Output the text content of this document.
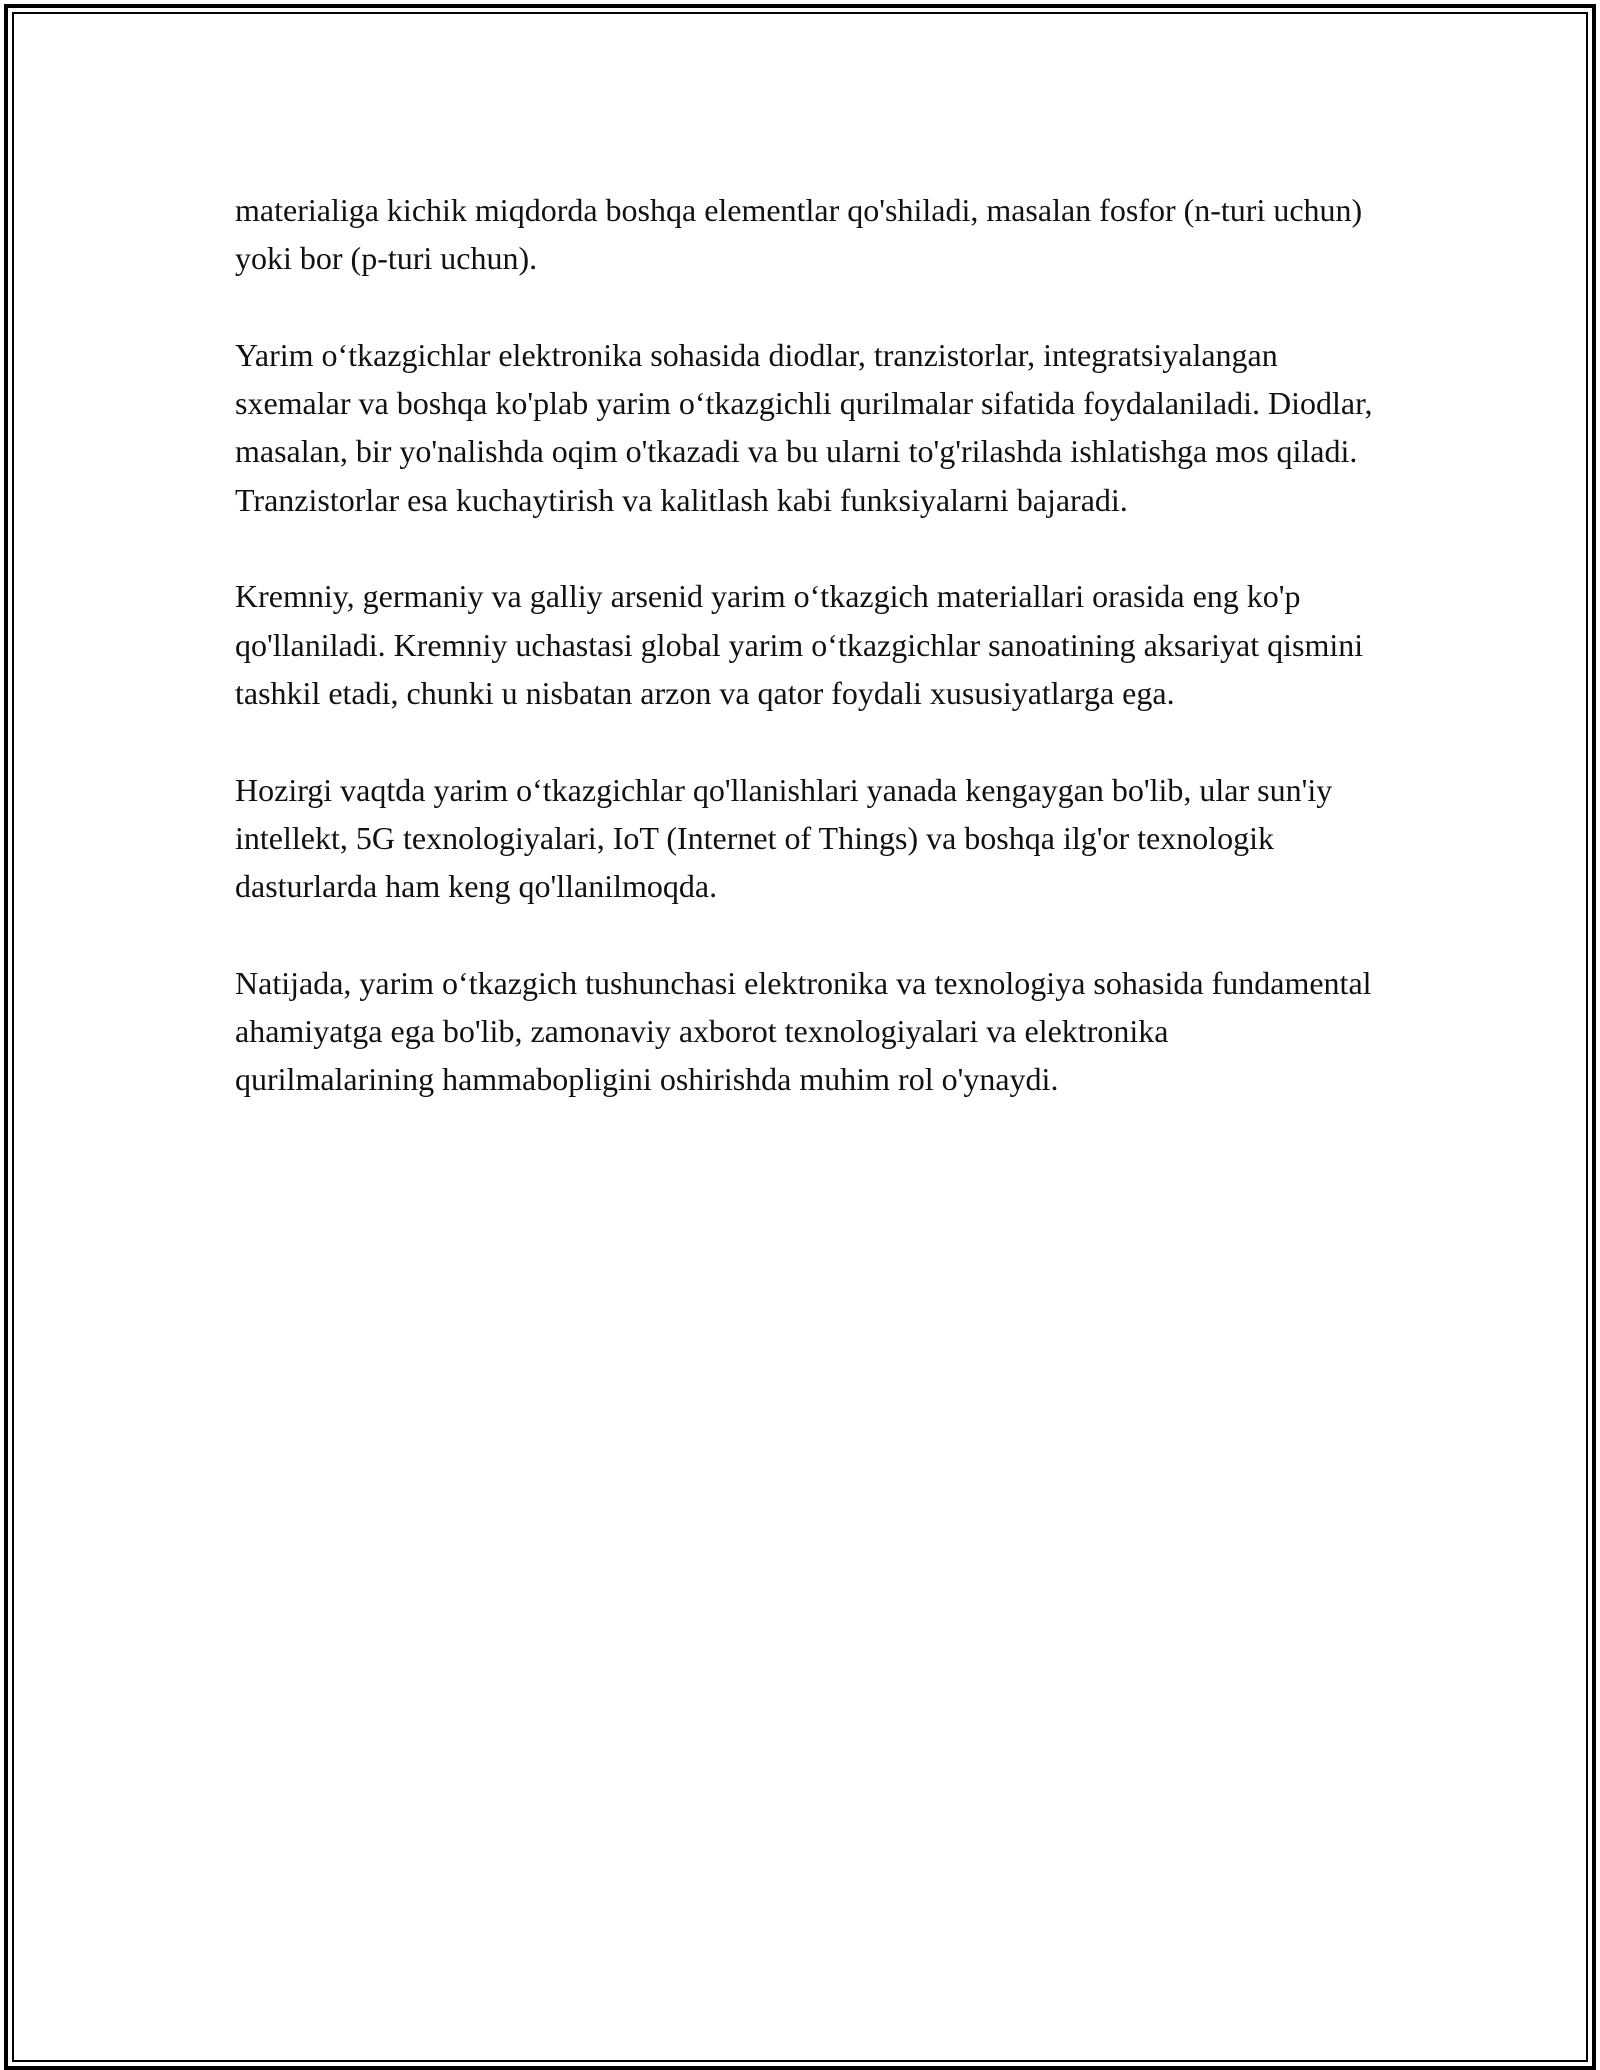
materialiga kichik miqdorda boshqa elementlar qo'shiladi, masalan fosfor (n-turi uchun) yoki bor (p-turi uchun).

Yarim o‘tkazgichlar elektronika sohasida diodlar, tranzistorlar, integratsiyalangan sxemalar va boshqa ko'plab yarim o‘tkazgichli qurilmalar sifatida foydalaniladi. Diodlar, masalan, bir yo'nalishda oqim o'tkazadi va bu ularni to'g'rilashda ishlatishga mos qiladi. Tranzistorlar esa kuchaytirish va kalitlash kabi funksiyalarni bajaradi.

Kremniy, germaniy va galliy arsenid yarim o‘tkazgich materiallari orasida eng ko'p qo'llaniladi. Kremniy uchastasi global yarim o‘tkazgichlar sanoatining aksariyat qismini tashkil etadi, chunki u nisbatan arzon va qator foydali xususiyatlarga ega.

Hozirgi vaqtda yarim o‘tkazgichlar qo'llanishlari yanada kengaygan bo'lib, ular sun'iy intellekt, 5G texnologiyalari, IoT (Internet of Things) va boshqa ilg'or texnologik dasturlarda ham keng qo'llanilmoqda.

Natijada, yarim o‘tkazgich tushunchasi elektronika va texnologiya sohasida fundamental ahamiyatga ega bo'lib, zamonaviy axborot texnologiyalari va elektronika qurilmalarining hammabopligini oshirishda muhim rol o'ynaydi.
